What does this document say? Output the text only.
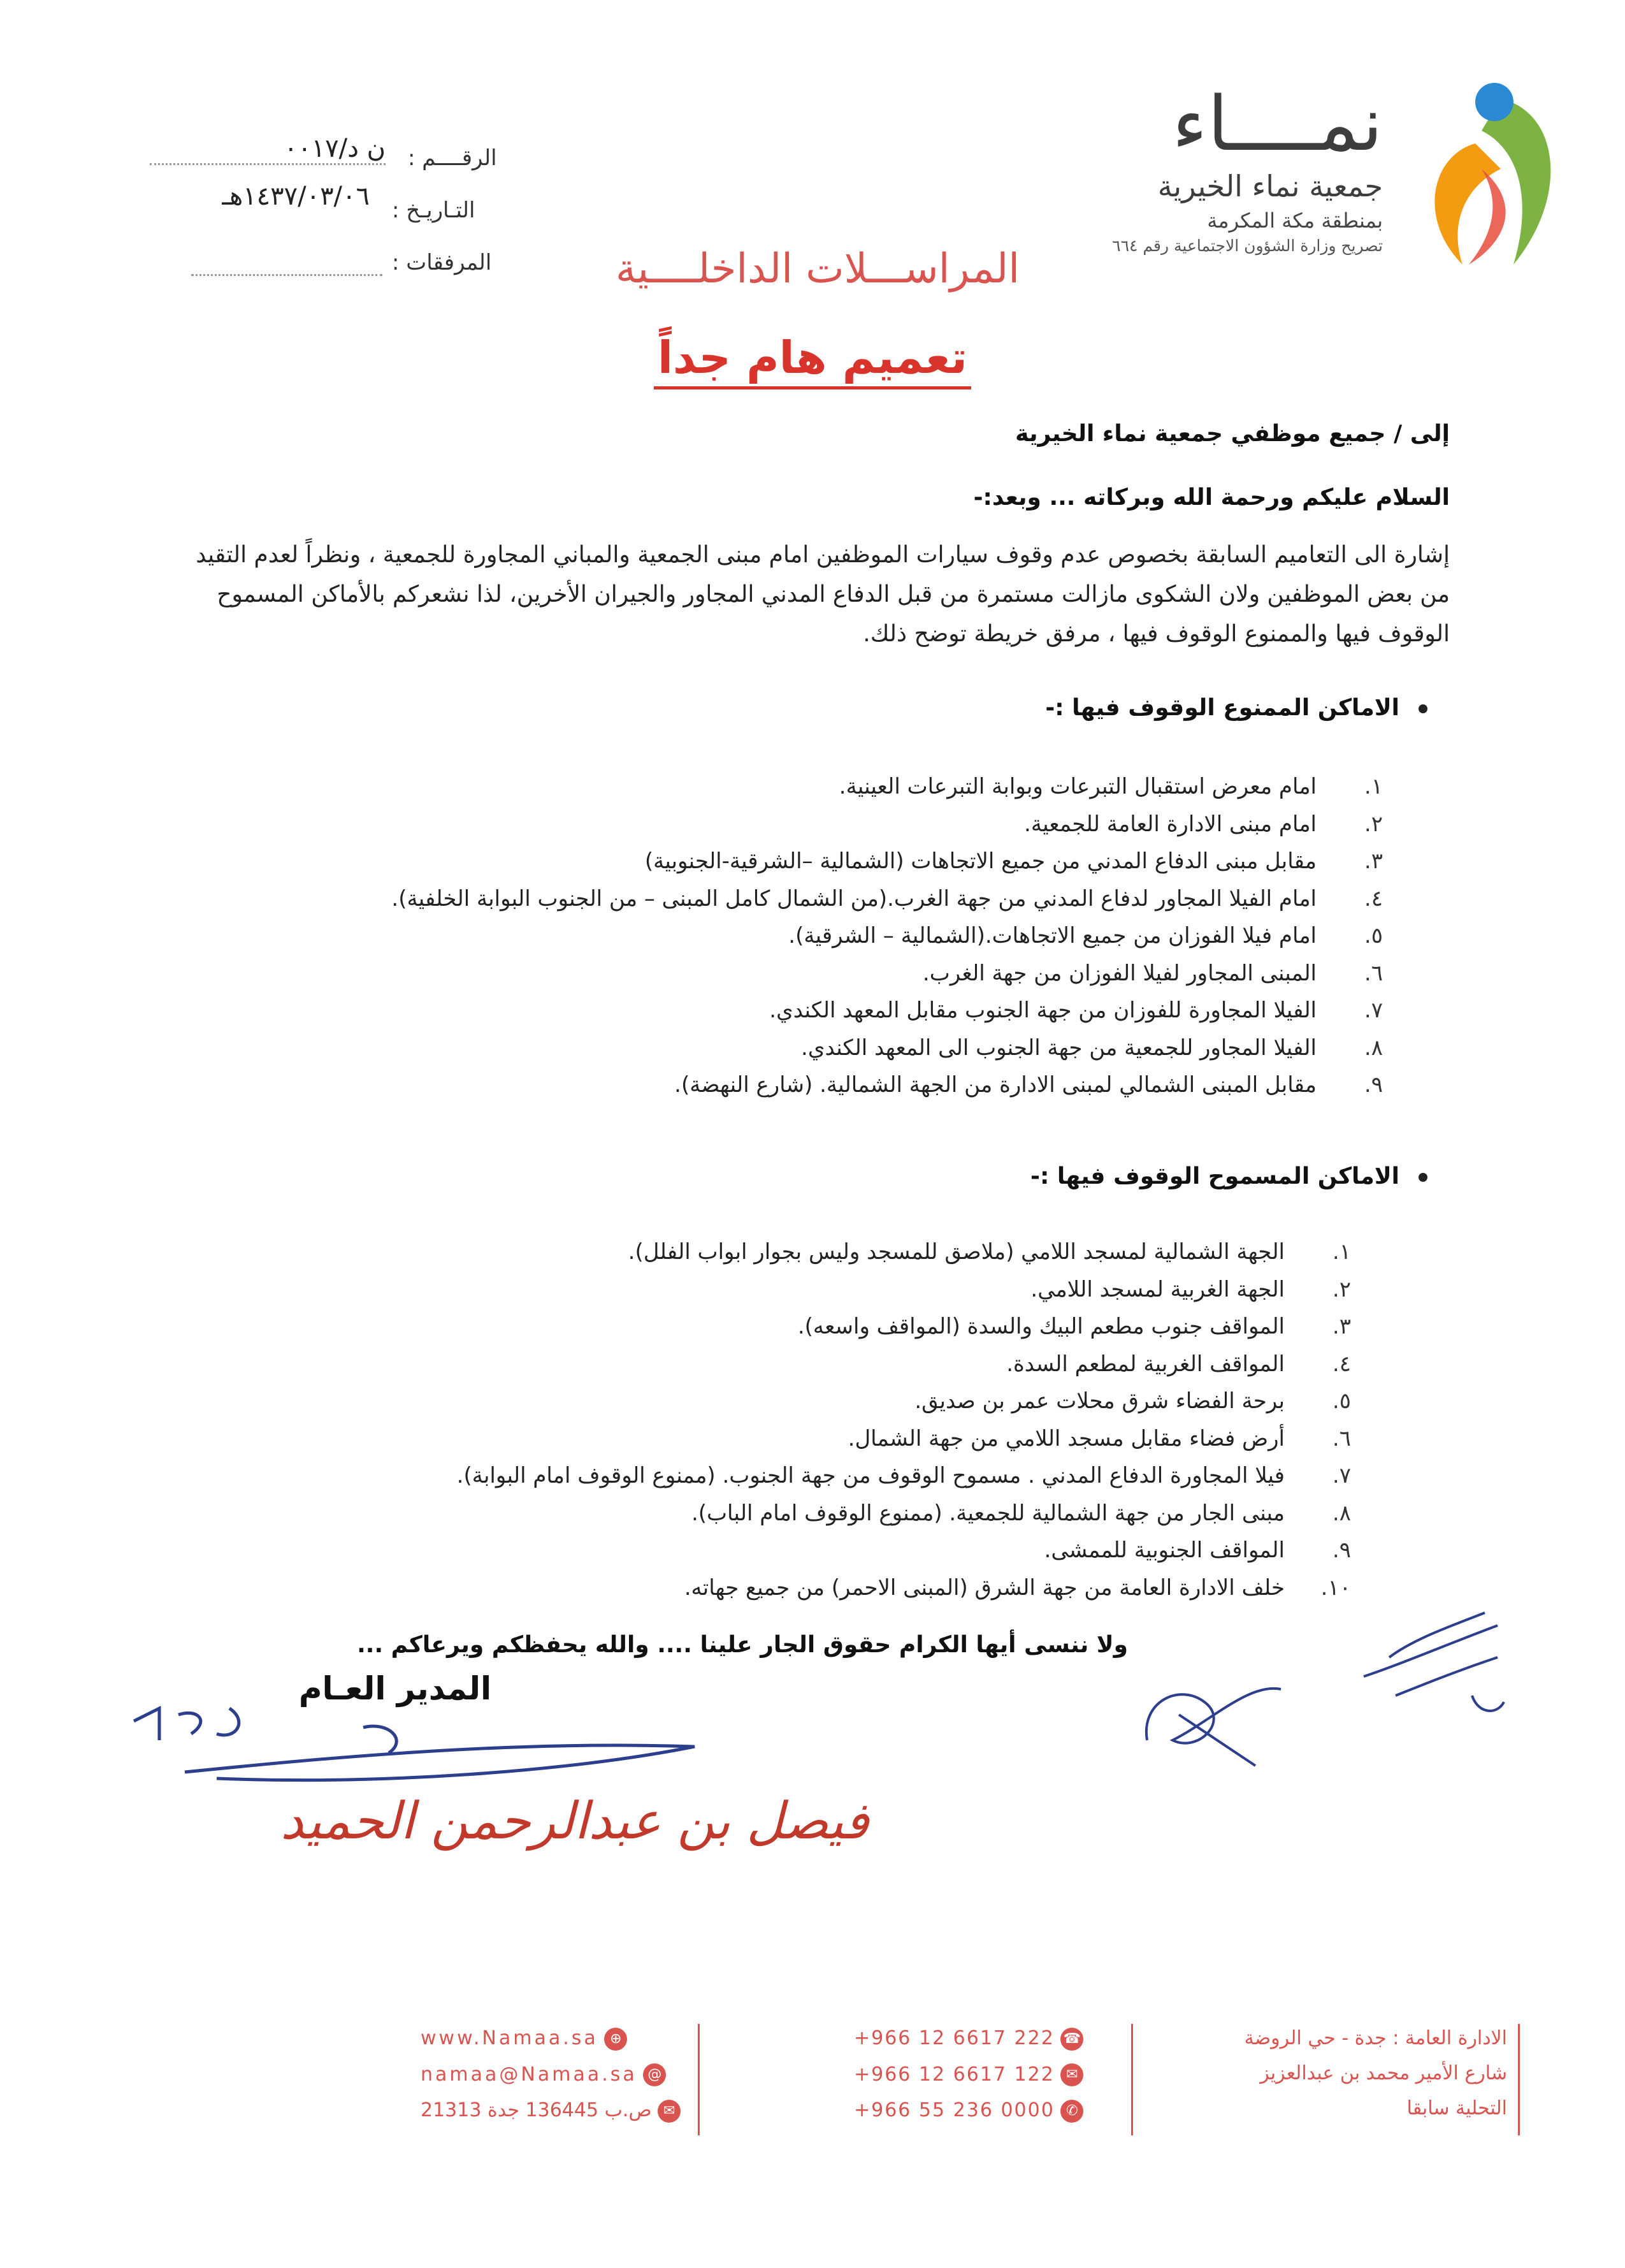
نمــــاء
جمعية نماء الخيرية
بمنطقة مكة المكرمة
تصريح وزارة الشؤون الاجتماعية رقم ٦٦٤
الرقــــم :
ن د/٠٠١٧
التـاريـخ :
١٤٣٧/٠٣/٠٦هـ
المرفقات :	المراســـلات الداخلــــية
تعميم هام جداً
إلى / جميع موظفي جمعية نماء الخيرية
السلام عليكم ورحمة الله وبركاته ... وبعد:-
إشارة الى التعاميم السابقة بخصوص عدم وقوف سيارات الموظفين امام مبنى الجمعية والمباني المجاورة للجمعية ، ونظراً لعدم التقيد من بعض الموظفين ولان الشكوى مازالت مستمرة من قبل الدفاع المدني المجاور والجيران الأخرين، لذا نشعركم بالأماكن المسموح الوقوف فيها والممنوع الوقوف فيها ، مرفق خريطة توضح ذلك.
الاماكن الممنوع الوقوف فيها :-
١.امام معرض استقبال التبرعات وبوابة التبرعات العينية.
٢.امام مبنى الادارة العامة للجمعية.
٣.مقابل مبنى الدفاع المدني من جميع الاتجاهات (الشمالية –الشرقية-الجنوبية)
٤.امام الفيلا المجاور لدفاع المدني من جهة الغرب.(من الشمال كامل المبنى – من الجنوب البوابة الخلفية).
٥.امام فيلا الفوزان من جميع الاتجاهات.(الشمالية – الشرقية).
٦.المبنى المجاور لفيلا الفوزان من جهة الغرب.
٧.الفيلا المجاورة للفوزان من جهة الجنوب مقابل المعهد الكندي.
٨.الفيلا المجاور للجمعية من جهة الجنوب الى المعهد الكندي.
٩.مقابل المبنى الشمالي لمبنى الادارة من الجهة الشمالية. (شارع النهضة).
الاماكن المسموح الوقوف فيها :-
١.الجهة الشمالية لمسجد اللامي (ملاصق للمسجد وليس بجوار ابواب الفلل).
٢.الجهة الغربية لمسجد اللامي.
٣.المواقف جنوب مطعم البيك والسدة (المواقف واسعه).
٤.المواقف الغربية لمطعم السدة.
٥.برحة الفضاء شرق محلات عمر بن صديق.
٦.أرض فضاء مقابل مسجد اللامي من جهة الشمال.
٧.فيلا المجاورة الدفاع المدني . مسموح الوقوف من جهة الجنوب. (ممنوع الوقوف امام البوابة).
٨.مبنى الجار من جهة الشمالية للجمعية. (ممنوع الوقوف امام الباب).
٩.المواقف الجنوبية للممشى.
١٠.خلف الادارة العامة من جهة الشرق (المبنى الاحمر) من جميع جهاته.
ولا ننسى أيها الكرام حقوق الجار علينا .... والله يحفظكم ويرعاكم ...
المدير العـام
فيصل بن عبدالرحمن الحميد
الادارة العامة : جدة - حي الروضة
شارع الأمير محمد بن عبدالعزيز
التحلية سابقا
+966 12 6617 222 ☎
+966 12 6617 122 ✉
+966 55 236 0000 ✆
www.Namaa.sa ⊕
namaa@Namaa.sa @
ص.ب 136445 جدة 21313 ✉
